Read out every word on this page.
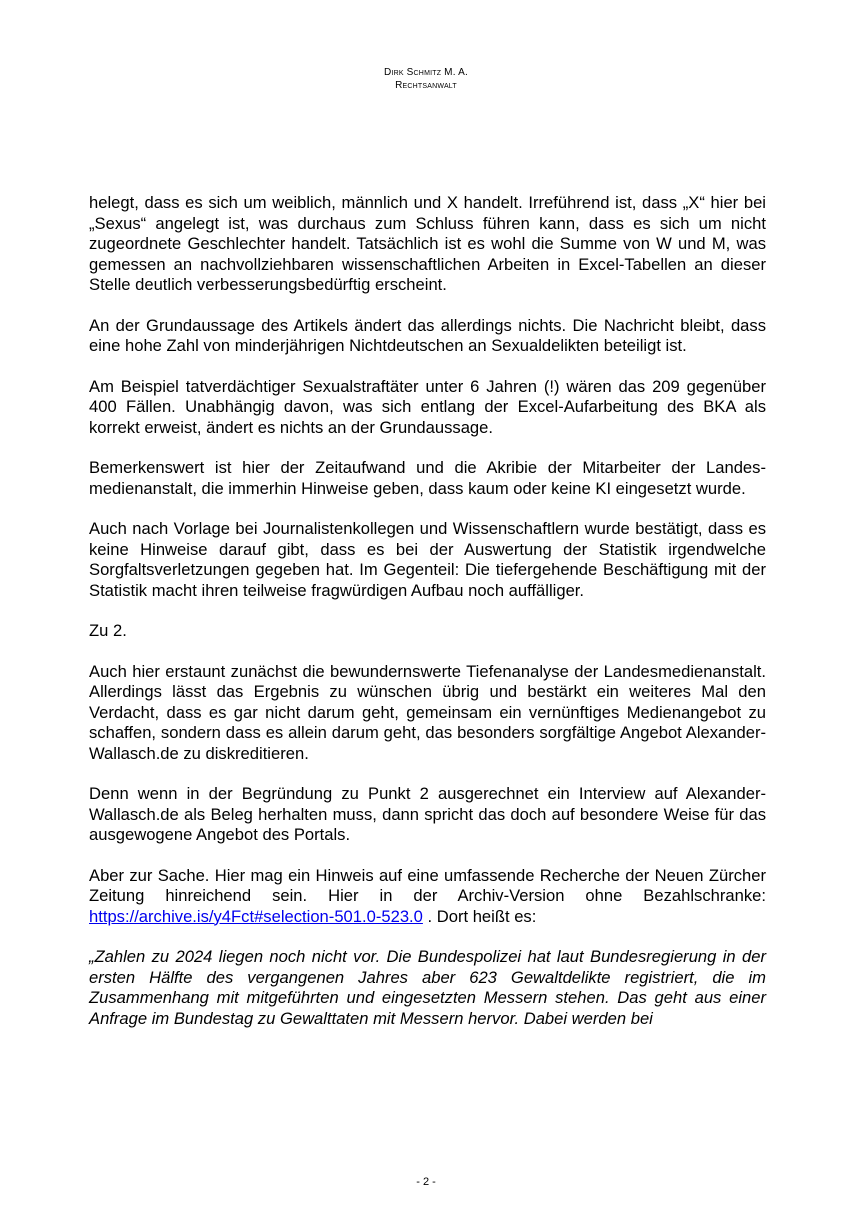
Dirk Schmitz M. A.
Rechtsanwalt

helegt, dass es sich um weiblich, männlich und X handelt. Irreführend ist, dass „X“ hier bei „Sexus“ angelegt ist, was durchaus zum Schluss führen kann, dass es sich um nicht zugeordnete Geschlechter handelt. Tatsächlich ist es wohl die Summe von W und M, was gemessen an nachvollziehbaren wissenschaftlichen Arbeiten in Excel-Tabellen an dieser Stelle deutlich verbesserungsbedürftig erscheint.

An der Grundaussage des Artikels ändert das allerdings nichts. Die Nachricht bleibt, dass eine hohe Zahl von minderjährigen Nichtdeutschen an Sexualdelikten beteiligt ist.

Am Beispiel tatverdächtiger Sexualstraftäter unter 6 Jahren (!) wären das 209 gegenüber 400 Fällen. Unabhängig davon, was sich entlang der Excel-Aufarbeitung des BKA als korrekt erweist, ändert es nichts an der Grundaussage.

Bemerkenswert ist hier der Zeitaufwand und die Akribie der Mitarbeiter der Landesmedienanstalt, die immerhin Hinweise geben, dass kaum oder keine KI eingesetzt wurde.

Auch nach Vorlage bei Journalistenkollegen und Wissenschaftlern wurde bestätigt, dass es keine Hinweise darauf gibt, dass es bei der Auswertung der Statistik irgendwelche Sorgfaltsverletzungen gegeben hat. Im Gegenteil: Die tiefergehende Beschäftigung mit der Statistik macht ihren teilweise fragwürdigen Aufbau noch auffälliger.

Zu 2.

Auch hier erstaunt zunächst die bewundernswerte Tiefenanalyse der Landesmedienanstalt. Allerdings lässt das Ergebnis zu wünschen übrig und bestärkt ein weiteres Mal den Verdacht, dass es gar nicht darum geht, gemeinsam ein vernünftiges Medienangebot zu schaffen, sondern dass es allein darum geht, das besonders sorgfältige Angebot Alexander-Wallasch.de zu diskreditieren.

Denn wenn in der Begründung zu Punkt 2 ausgerechnet ein Interview auf Alexander-Wallasch.de als Beleg herhalten muss, dann spricht das doch auf besondere Weise für das ausgewogene Angebot des Portals.

Aber zur Sache. Hier mag ein Hinweis auf eine umfassende Recherche der Neuen Zürcher Zeitung hinreichend sein. Hier in der Archiv-Version ohne Bezahlschranke: https://archive.is/y4Fct#selection-501.0-523.0 . Dort heißt es:

„Zahlen zu 2024 liegen noch nicht vor. Die Bundespolizei hat laut Bundesregierung in der ersten Hälfte des vergangenen Jahres aber 623 Gewaltdelikte registriert, die im Zusammenhang mit mitgeführten und eingesetzten Messern stehen. Das geht aus einer Anfrage im Bundestag zu Gewalttaten mit Messern hervor. Dabei werden bei

- 2 -
